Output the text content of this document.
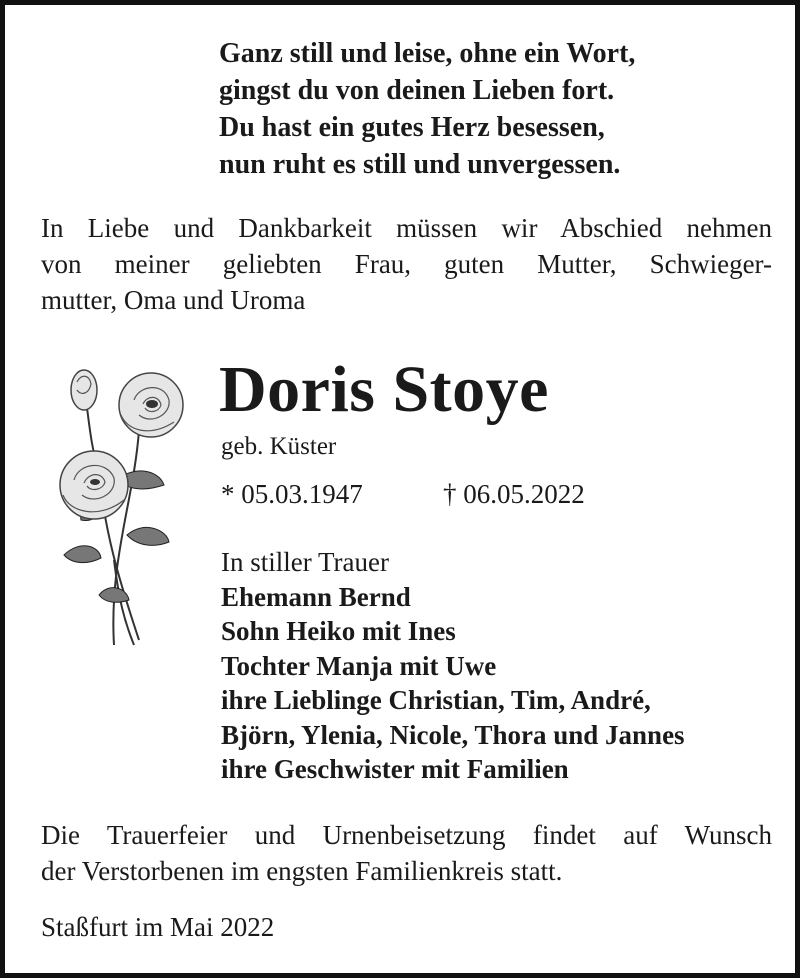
Ganz still und leise, ohne ein Wort,
gingst du von deinen Lieben fort.
Du hast ein gutes Herz besessen,
nun ruht es still und unvergessen.
In Liebe und Dankbarkeit müssen wir Abschied nehmen
von meiner geliebten Frau, guten Mutter, Schwieger-
mutter, Oma und Uroma
Doris Stoye
geb. Küster
* 05.03.1947	† 06.05.2022
In stiller Trauer
Ehemann Bernd
Sohn Heiko mit Ines
Tochter Manja mit Uwe
ihre Lieblinge Christian, Tim, André,
Björn, Ylenia, Nicole, Thora und Jannes
ihre Geschwister mit Familien
Die Trauerfeier und Urnenbeisetzung findet auf Wunsch
der Verstorbenen im engsten Familienkreis statt.
Staßfurt im Mai 2022
